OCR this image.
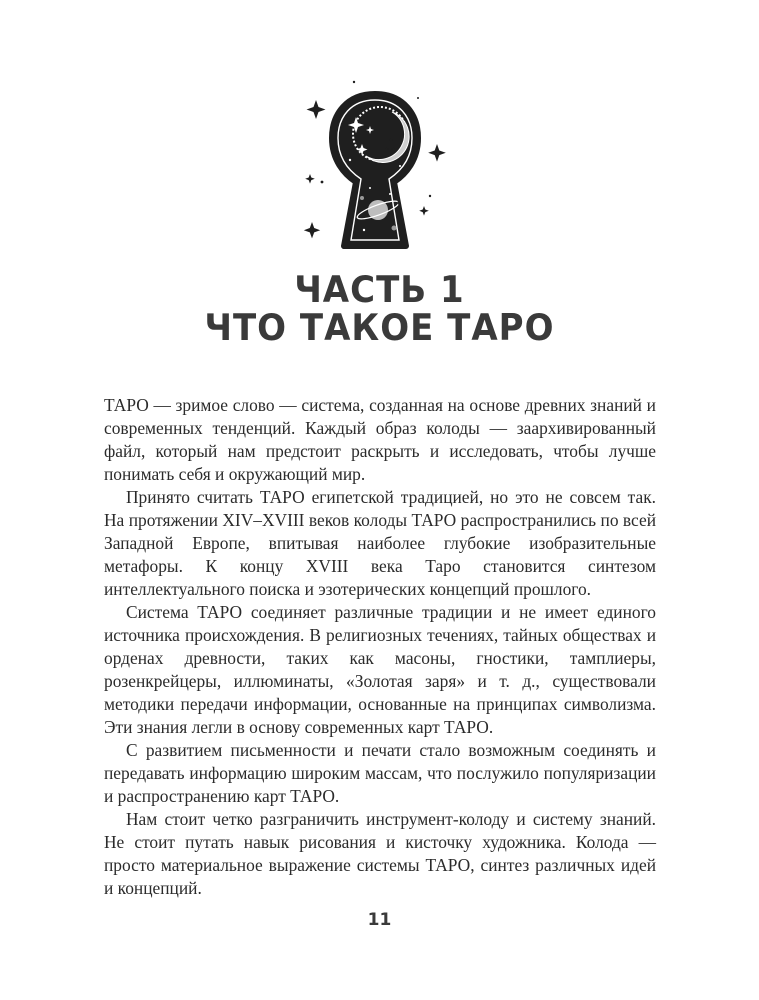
ЧАСТЬ 1
ЧТО ТАКОЕ ТАРО

ТАРО — зримое слово — система, созданная на основе древних знаний и современных тенденций. Каждый образ колоды — заархивированный файл, который нам предстоит раскрыть и исследовать, чтобы лучше понимать себя и окружающий мир.

Принято считать ТАРО египетской традицией, но это не совсем так. На протяжении XIV–XVIII веков колоды ТАРО распространились по всей Западной Европе, впитывая наиболее глубокие изобразительные метафоры. К концу XVIII века Таро становится синтезом интеллектуального поиска и эзотерических концепций прошлого.

Система ТАРО соединяет различные традиции и не имеет единого источника происхождения. В религиозных течениях, тайных обществах и орденах древности, таких как масоны, гностики, тамплиеры, розенкрейцеры, иллюминаты, «Золотая заря» и т. д., существовали методики передачи информации, основанные на принципах символизма. Эти знания легли в основу современных карт ТАРО.

С развитием письменности и печати стало возможным соединять и передавать информацию широким массам, что послужило популяризации и распространению карт ТАРО.

Нам стоит четко разграничить инструмент-колоду и систему знаний. Не стоит путать навык рисования и кисточку художника. Колода — просто материальное выражение системы ТАРО, синтез различных идей и концепций.

11
